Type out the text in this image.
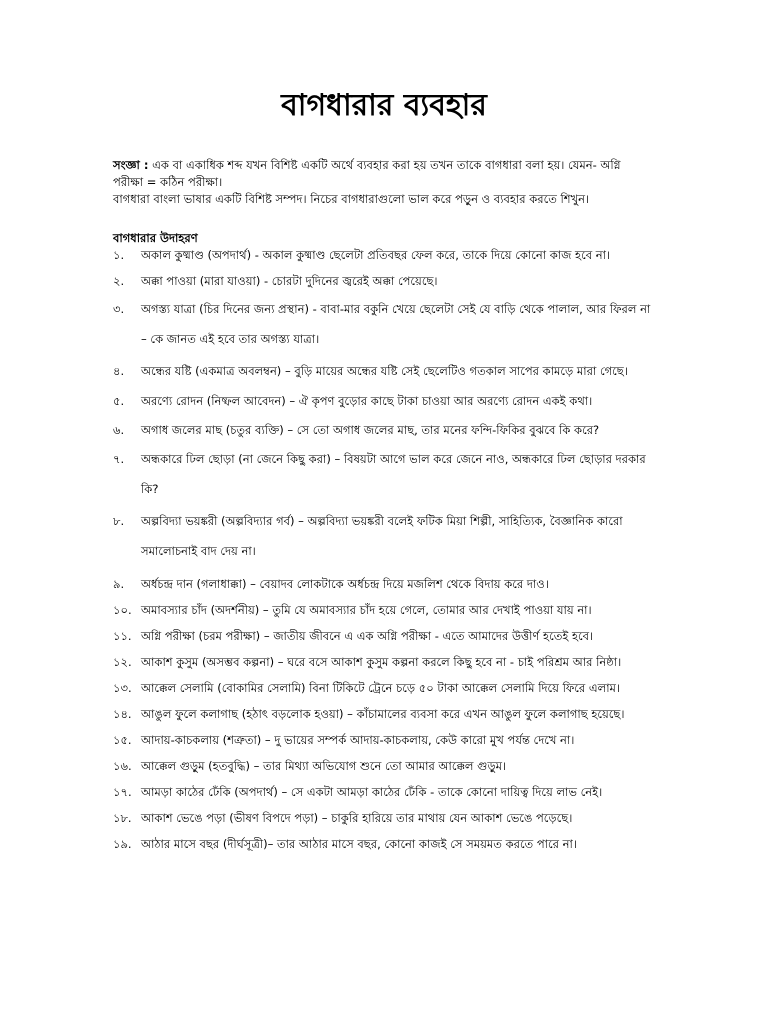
বাগধারার ব্যবহার
সংজ্ঞা : এক বা একাধিক শব্দ যখন বিশিষ্ট একটি অর্থে ব্যবহার করা হয় তখন তাকে বাগধারা বলা হয়। যেমন- অগ্নি
পরীক্ষা = কঠিন পরীক্ষা।
বাগধারা বাংলা ভাষার একটি বিশিষ্ট সম্পদ। নিচের বাগধারাগুলো ভাল করে পড়ুন ও ব্যবহার করতে শিখুন।
বাগধারার উদাহরণ
১.	অকাল কুষ্মাণ্ড (অপদার্থ) - অকাল কুষ্মাণ্ড ছেলেটা প্রতিবছর ফেল করে, তাকে দিয়ে কোনো কাজ হবে না।
২.	অক্কা পাওয়া (মারা যাওয়া) - চোরটা দুদিনের জ্বরেই অক্কা পেয়েছে।
৩.	অগস্ত্য যাত্রা (চির দিনের জন্য প্রস্থান) - বাবা-মার বকুনি খেয়ে ছেলেটা সেই যে বাড়ি থেকে পালাল, আর ফিরল না
– কে জানত এই হবে তার অগস্ত্য যাত্রা।
৪.	অন্ধের যষ্টি (একমাত্র অবলম্বন) – বুড়ি মায়ের অন্ধের যষ্টি সেই ছেলেটিও গতকাল সাপের কামড়ে মারা গেছে।
৫.	অরণ্যে রোদন (নিষ্ফল আবেদন) – ঐ কৃপণ বুড়োর কাছে টাকা চাওয়া আর অরণ্যে রোদন একই কথা।
৬.	অগাধ জলের মাছ (চতুর ব্যক্তি) – সে তো অগাধ জলের মাছ, তার মনের ফন্দি-ফিকির বুঝবে কি করে?
৭.	অন্ধকারে ঢিল ছোড়া (না জেনে কিছু করা) – বিষয়টা আগে ভাল করে জেনে নাও, অন্ধকারে ঢিল ছোড়ার দরকার
কি?
৮.	অল্পবিদ্যা ভয়ঙ্করী (অল্পবিদ্যার গর্ব) – অল্পবিদ্যা ভয়ঙ্করী বলেই ফটিক মিয়া শিল্পী, সাহিত্যিক, বৈজ্ঞানিক কারো
সমালোচনাই বাদ দেয় না।
৯.	অর্ধচন্দ্র দান (গলাধাক্কা) – বেয়াদব লোকটাকে অর্ধচন্দ্র দিয়ে মজলিশ থেকে বিদায় করে দাও।
১০. অমাবস্যার চাঁদ (অদর্শনীয়) – তুমি যে অমাবস্যার চাঁদ হয়ে গেলে, তোমার আর দেখাই পাওয়া যায় না।
১১. অগ্নি পরীক্ষা (চরম পরীক্ষা) – জাতীয় জীবনে এ এক অগ্নি পরীক্ষা - এতে আমাদের উত্তীর্ণ হতেই হবে।
১২. আকাশ কুসুম (অসম্ভব কল্পনা) – ঘরে বসে আকাশ কুসুম কল্পনা করলে কিছু হবে না - চাই পরিশ্রম আর নিষ্ঠা।
১৩. আক্কেল সেলামি (বোকামির সেলামি) বিনা টিকিটে ট্রেনে চড়ে ৫০ টাকা আক্কেল সেলামি দিয়ে ফিরে এলাম।
১৪. আঙুল ফুলে কলাগাছ (হঠাৎ বড়লোক হওয়া) – কাঁচামালের ব্যবসা করে এখন আঙুল ফুলে কলাগাছ হয়েছে।
১৫. আদায়-কাচকলায় (শত্রুতা) – দু ভায়ের সম্পর্ক আদায়-কাচকলায়, কেউ কারো মুখ পর্যন্ত দেখে না।
১৬. আক্কেল গুড়ুম (হতবুদ্ধি) – তার মিথ্যা অভিযোগ শুনে তো আমার আক্কেল গুড়ুম।
১৭. আমড়া কাঠের ঢেঁকি (অপদার্থ) – সে একটা আমড়া কাঠের ঢেঁকি - তাকে কোনো দায়িত্ব দিয়ে লাভ নেই।
১৮. আকাশ ভেঙে পড়া (ভীষণ বিপদে পড়া) – চাকুরি হারিয়ে তার মাথায় যেন আকাশ ভেঙে পড়েছে।
১৯. আঠার মাসে বছর (দীর্ঘসূত্রী)– তার আঠার মাসে বছর, কোনো কাজই সে সময়মত করতে পারে না।
